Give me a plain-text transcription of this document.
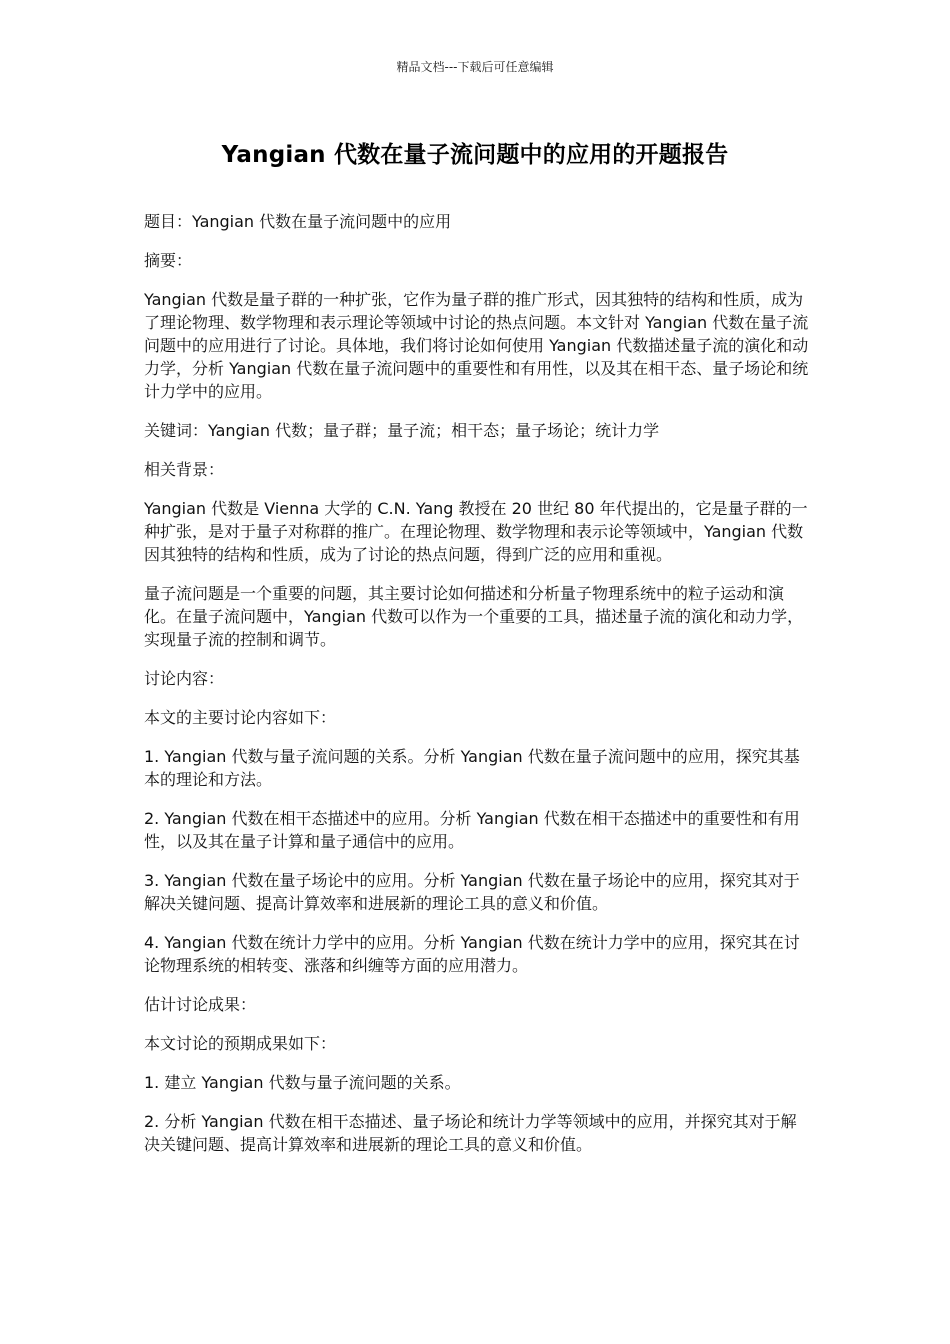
精品文档---下载后可任意编辑
Yangian 代数在量子流问题中的应用的开题报告

题目：Yangian 代数在量子流问题中的应用

摘要：

Yangian 代数是量子群的一种扩张，它作为量子群的推广形式，因其独特的结构和性质，成为了理论物理、数学物理和表示理论等领域中讨论的热点问题。本文针对 Yangian 代数在量子流问题中的应用进行了讨论。具体地，我们将讨论如何使用 Yangian 代数描述量子流的演化和动力学，分析 Yangian 代数在量子流问题中的重要性和有用性，以及其在相干态、量子场论和统计力学中的应用。

关键词：Yangian 代数；量子群；量子流；相干态；量子场论；统计力学

相关背景：

Yangian 代数是 Vienna 大学的 C.N. Yang 教授在 20 世纪 80 年代提出的，它是量子群的一种扩张，是对于量子对称群的推广。在理论物理、数学物理和表示论等领域中，Yangian 代数因其独特的结构和性质，成为了讨论的热点问题，得到广泛的应用和重视。

量子流问题是一个重要的问题，其主要讨论如何描述和分析量子物理系统中的粒子运动和演化。在量子流问题中，Yangian 代数可以作为一个重要的工具，描述量子流的演化和动力学，实现量子流的控制和调节。

讨论内容：

本文的主要讨论内容如下：

1. Yangian 代数与量子流问题的关系。分析 Yangian 代数在量子流问题中的应用，探究其基本的理论和方法。

2. Yangian 代数在相干态描述中的应用。分析 Yangian 代数在相干态描述中的重要性和有用性，以及其在量子计算和量子通信中的应用。

3. Yangian 代数在量子场论中的应用。分析 Yangian 代数在量子场论中的应用，探究其对于解决关键问题、提高计算效率和进展新的理论工具的意义和价值。

4. Yangian 代数在统计力学中的应用。分析 Yangian 代数在统计力学中的应用，探究其在讨论物理系统的相转变、涨落和纠缠等方面的应用潜力。

估计讨论成果：

本文讨论的预期成果如下：

1. 建立 Yangian 代数与量子流问题的关系。

2. 分析 Yangian 代数在相干态描述、量子场论和统计力学等领域中的应用，并探究其对于解决关键问题、提高计算效率和进展新的理论工具的意义和价值。
